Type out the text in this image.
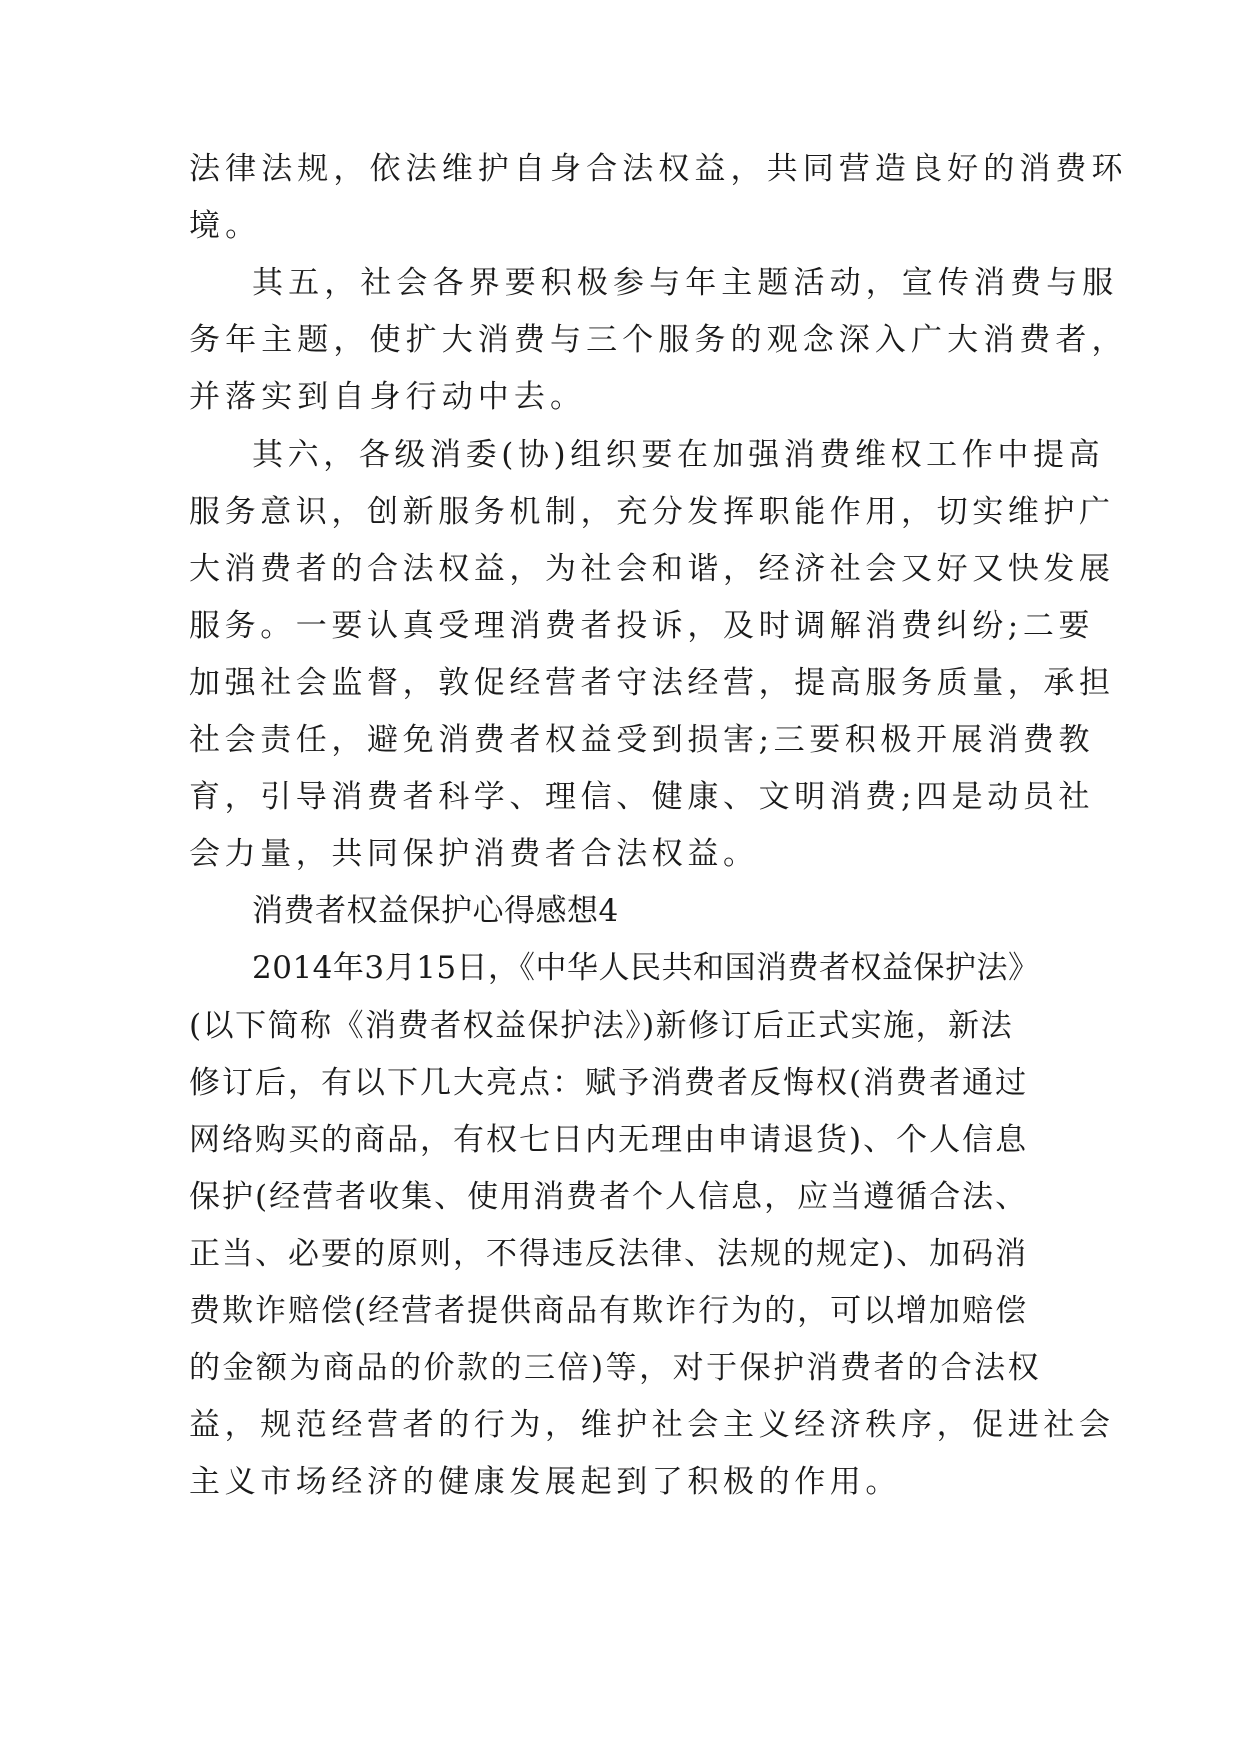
法律法规，依法维护自身合法权益，共同营造良好的消费环
境。
其五，社会各界要积极参与年主题活动，宣传消费与服
务年主题，使扩大消费与三个服务的观念深入广大消费者，
并落实到自身行动中去。
其六，各级消委(协)组织要在加强消费维权工作中提高
服务意识，创新服务机制，充分发挥职能作用，切实维护广
大消费者的合法权益，为社会和谐，经济社会又好又快发展
服务。一要认真受理消费者投诉，及时调解消费纠纷;二要
加强社会监督，敦促经营者守法经营，提高服务质量，承担
社会责任，避免消费者权益受到损害;三要积极开展消费教
育，引导消费者科学、理信、健康、文明消费;四是动员社
会力量，共同保护消费者合法权益。
消费者权益保护心得感想4
2014年3月15日，《中华人民共和国消费者权益保护法》
(以下简称《消费者权益保护法》)新修订后正式实施，新法
修订后，有以下几大亮点：赋予消费者反悔权(消费者通过
网络购买的商品，有权七日内无理由申请退货)、个人信息
保护(经营者收集、使用消费者个人信息，应当遵循合法、
正当、必要的原则，不得违反法律、法规的规定)、加码消
费欺诈赔偿(经营者提供商品有欺诈行为的，可以增加赔偿
的金额为商品的价款的三倍)等，对于保护消费者的合法权
益，规范经营者的行为，维护社会主义经济秩序，促进社会
主义市场经济的健康发展起到了积极的作用。
